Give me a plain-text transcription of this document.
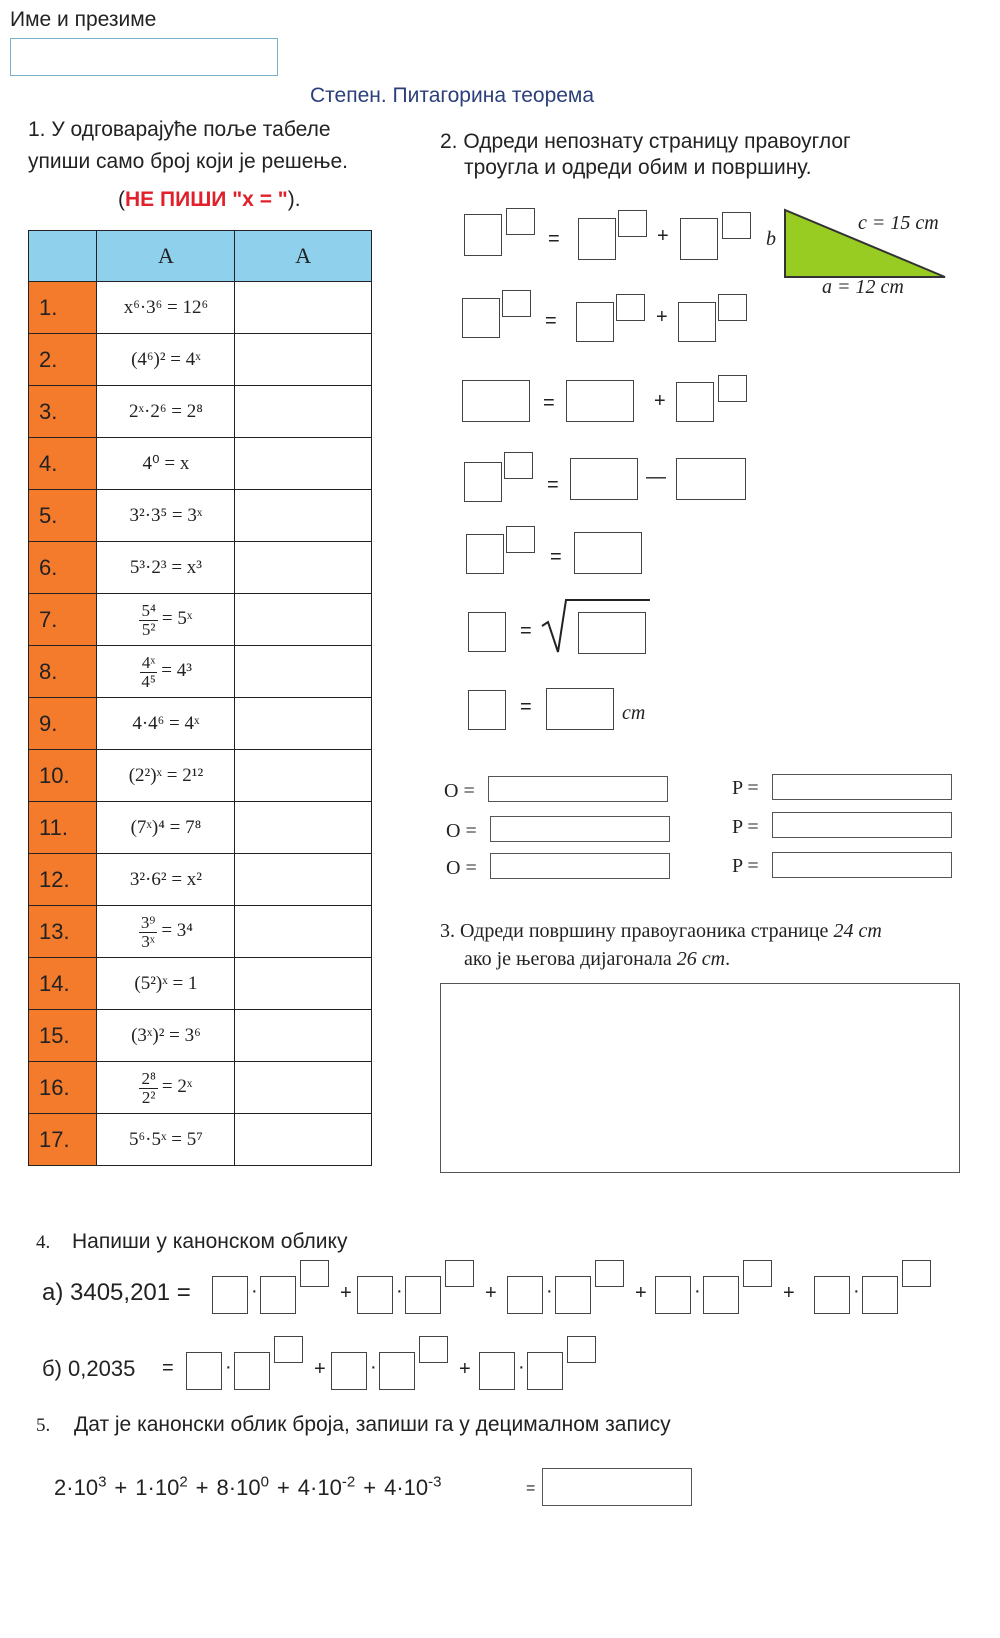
Име и презиме
Степен. Питагорина теорема
1. У одговарајуће поље табеле
упиши само број који је решење.
(НЕ ПИШИ "x = ").
	A	A
1.	x⁶·3⁶ = 12⁶	
2.	(4⁶)² = 4ˣ	
3.	2ˣ·2⁶ = 2⁸	
4.	4⁰ = x	
5.	3²·3⁵ = 3ˣ	
6.	5³·2³ = x³	
7.	$\frac{\text{5⁴}}{\text{5²}}$ = 5ˣ	
8.	$\frac{\text{4ˣ}}{\text{4⁵}} = 4^3$	
9.	4·4⁶ = 4ˣ	
10.	(2²)ˣ = 2¹²	
11.	(7ˣ)⁴ = 7⁸	
12.	3²·6² = x²	
13.	$\frac{\text{3⁹}}{\text{3ˣ}} = 3^4$	
14.	(5²)ˣ = 1	
15.	(3ˣ)² = 3⁶	
16.	$\frac{\text{2⁸}}{\text{2²}}$ = 2ˣ	
17.	5⁶·5ˣ = 5⁷	
2. Одреди непознату страницу правоуглог
троугла и одреди обим и површину.
c = 15 cm
b
a = 12 cm
=	+
=	+
=	+
=	—
=
=
=	cm
O =
O =
O =
P =
P =
P =
3. Одреди површину правоугаоника странице 24 cm
ако је његова дијагонала 26 cm.
4. Напиши у канонском облику
а) 3405,201 =	·	+ ·	+ ·	+ ·	+	·
б) 0,2035 =	·	+ ·	+ ·
5. Дат је канонски облик броја, запиши га у децималном запису
$2\cdot 10^3 + 1\cdot 10^2 + 8\cdot 10^0 + 4\cdot 10^{-2} + 4\cdot 10^{-3}$	=
